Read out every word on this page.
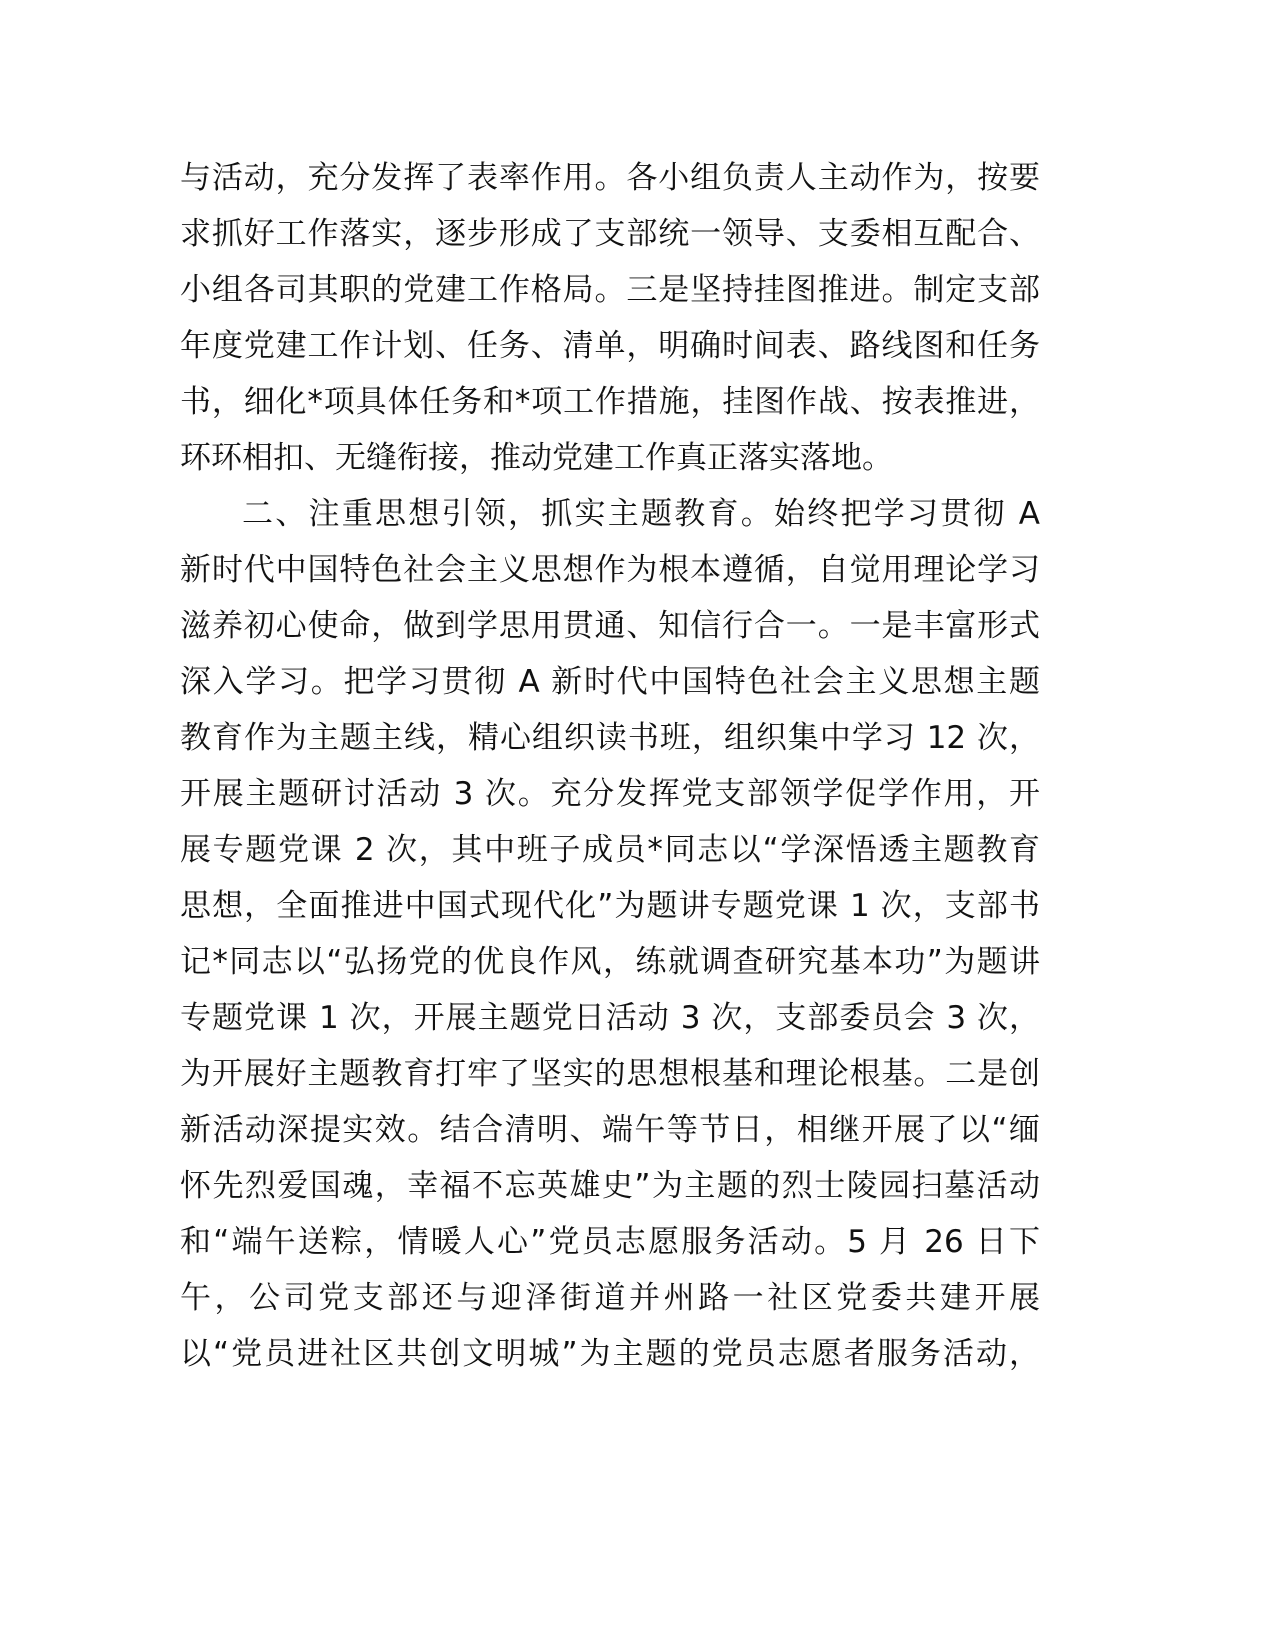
与活动，充分发挥了表率作用。各小组负责人主动作为，按要
求抓好工作落实，逐步形成了支部统一领导、支委相互配合、
小组各司其职的党建工作格局。三是坚持挂图推进。制定支部
年度党建工作计划、任务、清单，明确时间表、路线图和任务
书，细化*项具体任务和*项工作措施，挂图作战、按表推进，
环环相扣、无缝衔接，推动党建工作真正落实落地。
二、注重思想引领，抓实主题教育。始终把学习贯彻 A
新时代中国特色社会主义思想作为根本遵循，自觉用理论学习
滋养初心使命，做到学思用贯通、知信行合一。一是丰富形式
深入学习。把学习贯彻 A 新时代中国特色社会主义思想主题
教育作为主题主线，精心组织读书班，组织集中学习 12 次，
开展主题研讨活动 3 次。充分发挥党支部领学促学作用，开
展专题党课 2 次，其中班子成员*同志以“学深悟透主题教育
思想，全面推进中国式现代化”为题讲专题党课 1 次，支部书
记*同志以“弘扬党的优良作风，练就调查研究基本功”为题讲
专题党课 1 次，开展主题党日活动 3 次，支部委员会 3 次，
为开展好主题教育打牢了坚实的思想根基和理论根基。二是创
新活动深提实效。结合清明、端午等节日，相继开展了以“缅
怀先烈爱国魂，幸福不忘英雄史”为主题的烈士陵园扫墓活动
和“端午送粽，情暖人心”党员志愿服务活动。5 月 26 日下
午，公司党支部还与迎泽街道并州路一社区党委共建开展
以“党员进社区共创文明城”为主题的党员志愿者服务活动，
